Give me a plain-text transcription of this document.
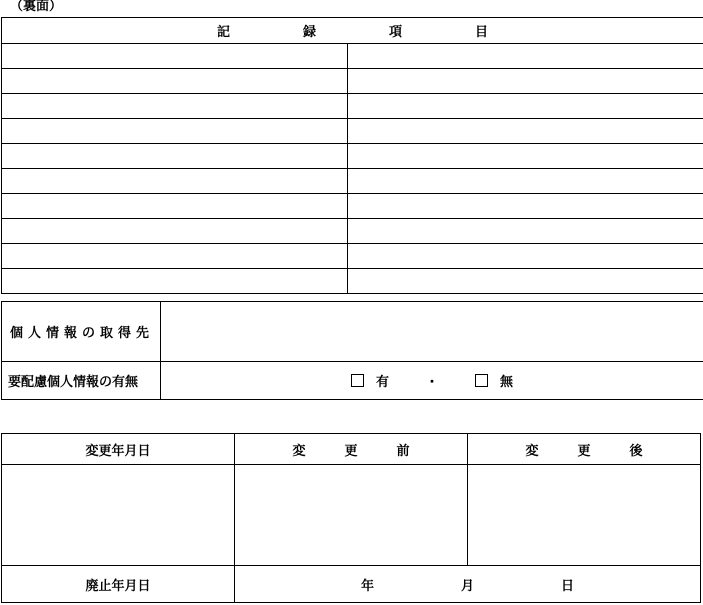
（裏面）
記 録 項 目	

個人情報の取得先	
要配慮個人情報の有無	有 ・ 無
変更年月日	変 更 前	変 更 後

廃止年月日	年 月 日	
